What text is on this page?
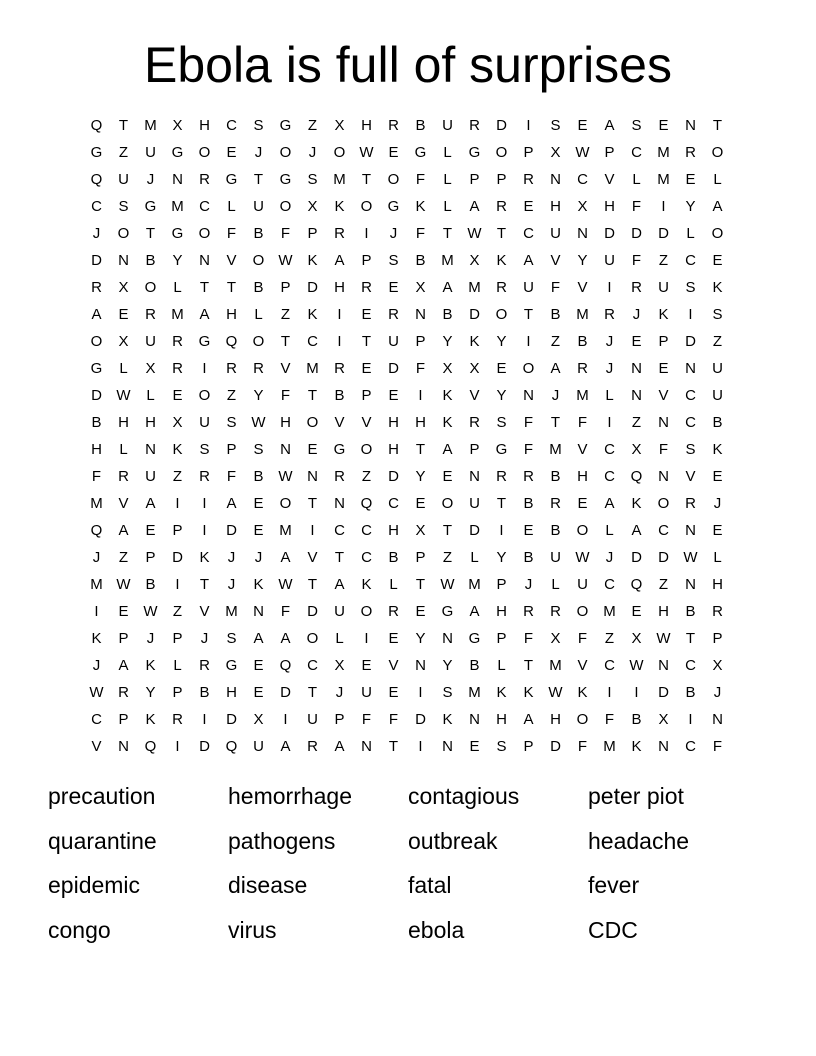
Ebola is full of surprises
Q	T	M	X	H	C	S	G	Z	X	H	R	B	U	R	D	I	S	E	A	S	E	N	T
G	Z	U	G	O	E	J	O	J	O W E	G	L	G	O	P	X W P	C	M	R	O
Q	U	J	N	R	G	T	G	S	M	T	O	F	L	P	P	R	N	C	V	L	M	E	L
C	S	G M	C	L	U	O	X	K	O	G	K	L	A	R	E	H	X	H	F	I	Y	A
J	O	T	G	O	F	B	F	P	R	I	J	F	T	W	T	C	U	N	D	D	D	L	O
D	N	B	Y	N	V	O W K	A	P	S	B	M	X	K	A	V	Y	U	F	Z	C	E
R	X	O	L	T	T	B	P	D	H	R	E	X	A	M	R	U	F	V	I	R	U	S	K
A	E	R	M	A	H	L	Z	K	I	E	R	N	B	D	O	T	B	M	R	J	K	I	S
O	X	U	R	G	Q	O	T	C	I	T	U	P	Y	K	Y	I	Z	B	J	E	P	D	Z
G	L	X	R	I	R	R	V	M	R	E	D	F	X	X	E	O	A	R	J	N	E	N	U
D W	L	E	O	Z	Y	F	T	B	P	E	I	K	V	Y	N	J	M	L	N	V	C	U
B	H	H	X	U	S W H	O	V	V	H	H	K	R	S	F	T	F	I	Z	N	C	B
H	L	N	K	S	P	S	N	E	G	O	H	T	A	P	G	F	M	V	C	X	F	S	K
F	R	U	Z	R	F	B W N	R	Z	D	Y	E	N	R	R	B	H	C	Q	N	V	E
M	V	A	I	I	A	E	O	T	N	Q	C	E	O	U	T	B	R	E	A	K	O	R	J
Q	A	E	P	I	D	E	M	I	C	C	H	X	T	D	I	E	B	O	L	A	C	N	E
J	Z	P	D	K	J	J	A	V	T	C	B	P	Z	L	Y	B	U W	J	D	D W	L
M W B	I	T	J	K W	T	A	K	L	T	W M	P	J	L	U	C	Q	Z	N	H
I	E W	Z	V	M	N	F	D	U	O	R	E	G	A	H	R	R	O M	E	H	B	R
K	P	J	P	J	S	A	A	O	L	I	E	Y	N	G	P	F	X	F	Z	X W	T	P
J	A	K	L	R	G	E	Q	C	X	E	V	N	Y	B	L	T	M	V	C W N	C	X
W R	Y	P	B	H	E	D	T	J	U	E	I	S	M	K	K W K	I	I	D	B	J
C	P	K	R	I	D	X	I	U	P	F	F	D	K	N	H	A	H	O	F	B	X	I	N
V	N	Q	I	D	Q	U	A	R	A	N	T	I	N	E	S	P	D	F	M	K	N	C	F
precaution	hemorrhage	contagious	peter piot
quarantine	pathogens	outbreak	headache
epidemic	disease	fatal	fever
congo	virus	ebola	CDC
